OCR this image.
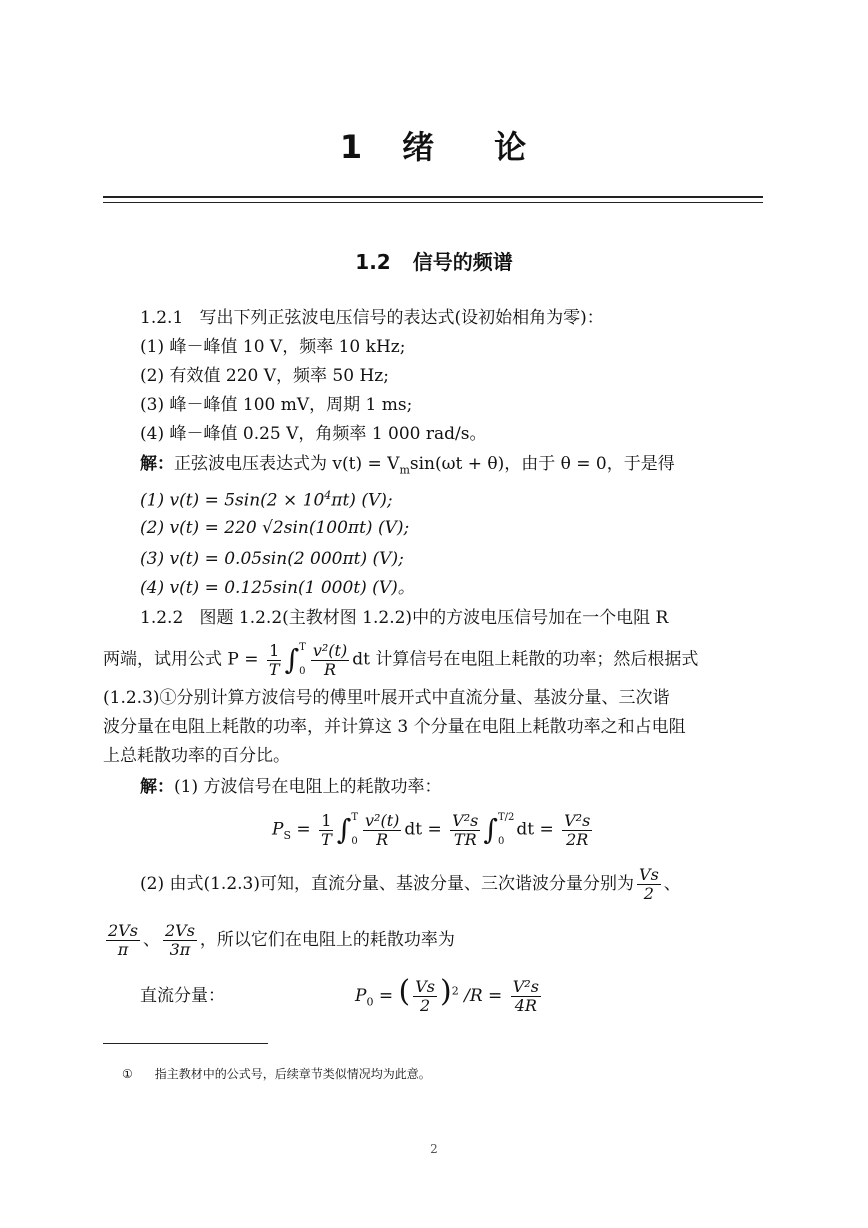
1 绪 论
1.2 信号的频谱
1.2.1 写出下列正弦波电压信号的表达式(设初始相角为零)：
(1) 峰－峰值 10 V，频率 10 kHz;
(2) 有效值 220 V，频率 50 Hz;
(3) 峰－峰值 100 mV，周期 1 ms;
(4) 峰－峰值 0.25 V，角频率 1 000 rad/s。
解：正弦波电压表达式为 $v(t) = V_m\sin(\omega t + \theta)$，由于 θ = 0，于是得
(1) $v(t) = 5\sin(2 \times 10^4\pi t)$ (V);
(2) v(t) = 220 √2sin(100πt) (V);
(3) v(t) = 0.05sin(2 000πt) (V);
(4) v(t) = 0.125sin(1 000t) (V)。
1.2.2 图题 1.2.2(主教材图 1.2.2)中的方波电压信号加在一个电阻 R
两端，试用公式 $P = \frac{1}{T}$ ∫ T
$0 \frac{\text{v²(t)}}{R}$ dt 计算信号在电阻上耗散的功率；然后根据式
(1.2.3)①分别计算方波信号的傅里叶展开式中直流分量、基波分量、三次谐
波分量在电阻上耗散的功率，并计算这 3 个分量在电阻上耗散功率之和占电阻
上总耗散功率的百分比。
解：(1) 方波信号在电阻上的耗散功率：
$P_S = \frac{1}{T}$ ∫ T
$0 \frac{\text{v²(t)}}{R}$ dt = $\frac{\text{V²s}}{TR}$ ∫ T/2
0
dt = $\frac{\text{V²s}}{2R}$
(2) 由式(1.2.3)可知，直流分量、基波分量、三次谐波分量分别为 $\frac{Vs}{2}$ 、
$\frac{2Vs}{\pi}$ 、 $\frac{2Vs}{3\pi}$ ，所以它们在电阻上的耗散功率为
直流分量：	$P_0$ = ( $\frac{Vs}{2} )^2$ $/R = \frac{\text{V²s}}{4R}$
① 指主教材中的公式号，后续章节类似情况均为此意。
2
